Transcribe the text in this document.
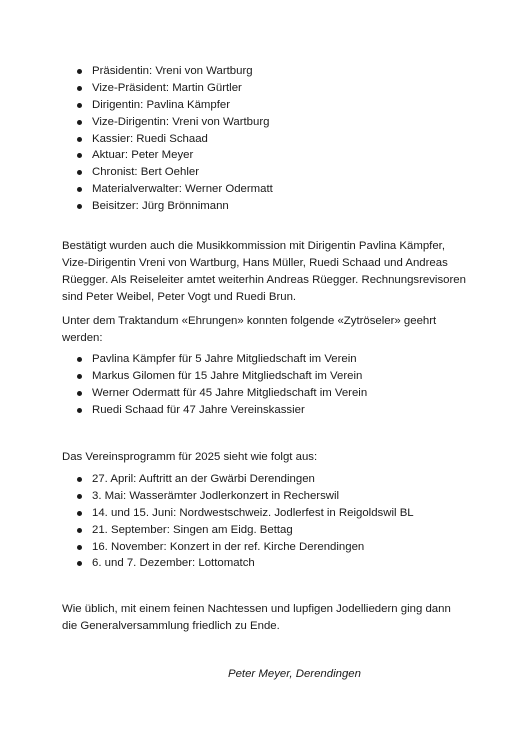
Präsidentin: Vreni von Wartburg
Vize-Präsident: Martin Gürtler
Dirigentin: Pavlina Kämpfer
Vize-Dirigentin: Vreni von Wartburg
Kassier: Ruedi Schaad
Aktuar: Peter Meyer
Chronist: Bert Oehler
Materialverwalter: Werner Odermatt
Beisitzer: Jürg Brönnimann

Bestätigt wurden auch die Musikkommission mit Dirigentin Pavlina Kämpfer,
Vize-Dirigentin Vreni von Wartburg, Hans Müller, Ruedi Schaad und Andreas
Rüegger. Als Reiseleiter amtet weiterhin Andreas Rüegger. Rechnungsrevisoren
sind Peter Weibel, Peter Vogt und Ruedi Brun.

Unter dem Traktandum «Ehrungen» konnten folgende «Zytröseler» geehrt
werden:

Pavlina Kämpfer für 5 Jahre Mitgliedschaft im Verein
Markus Gilomen für 15 Jahre Mitgliedschaft im Verein
Werner Odermatt für 45 Jahre Mitgliedschaft im Verein
Ruedi Schaad für 47 Jahre Vereinskassier

Das Vereinsprogramm für 2025 sieht wie folgt aus:

27. April: Auftritt an der Gwärbi Derendingen
3. Mai: Wasserämter Jodlerkonzert in Recherswil
14. und 15. Juni: Nordwestschweiz. Jodlerfest in Reigoldswil BL
21. September: Singen am Eidg. Bettag
16. November: Konzert in der ref. Kirche Derendingen
6. und 7. Dezember: Lottomatch

Wie üblich, mit einem feinen Nachtessen und lupfigen Jodelliedern ging dann
die Generalversammlung friedlich zu Ende.

Peter Meyer, Derendingen
